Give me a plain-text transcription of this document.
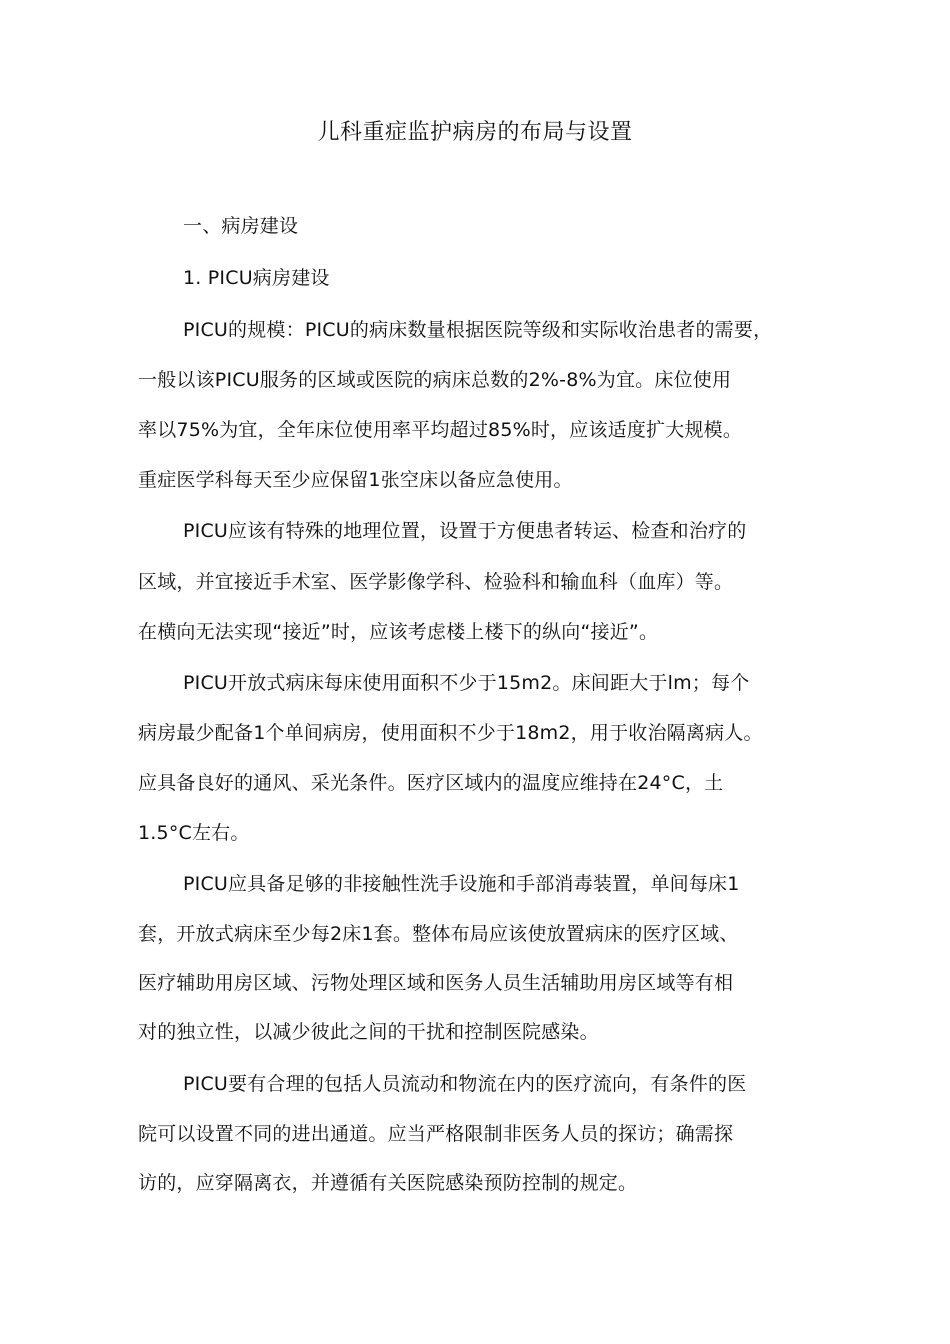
儿科重症监护病房的布局与设置
一、病房建设
1. PICU病房建设
PICU的规模：PICU的病床数量根据医院等级和实际收治患者的需要，
一般以该PICU服务的区域或医院的病床总数的2%-8%为宜。床位使用
率以75%为宜，全年床位使用率平均超过85%时，应该适度扩大规模。
重症医学科每天至少应保留1张空床以备应急使用。
PICU应该有特殊的地理位置，设置于方便患者转运、检查和治疗的
区域，并宜接近手术室、医学影像学科、检验科和输血科（血库）等。
在横向无法实现“接近”时，应该考虑楼上楼下的纵向“接近”。
PICU开放式病床每床使用面积不少于15m2。床间距大于lm；每个
病房最少配备1个单间病房，使用面积不少于18m2，用于收治隔离病人。
应具备良好的通风、采光条件。医疗区域内的温度应维持在24°C，土
1.5°C左右。
PICU应具备足够的非接触性洗手设施和手部消毒装置，单间每床1
套，开放式病床至少每2床1套。整体布局应该使放置病床的医疗区域、
医疗辅助用房区域、污物处理区域和医务人员生活辅助用房区域等有相
对的独立性，以减少彼此之间的干扰和控制医院感染。
PICU要有合理的包括人员流动和物流在内的医疗流向，有条件的医
院可以设置不同的进出通道。应当严格限制非医务人员的探访；确需探
访的，应穿隔离衣，并遵循有关医院感染预防控制的规定。
